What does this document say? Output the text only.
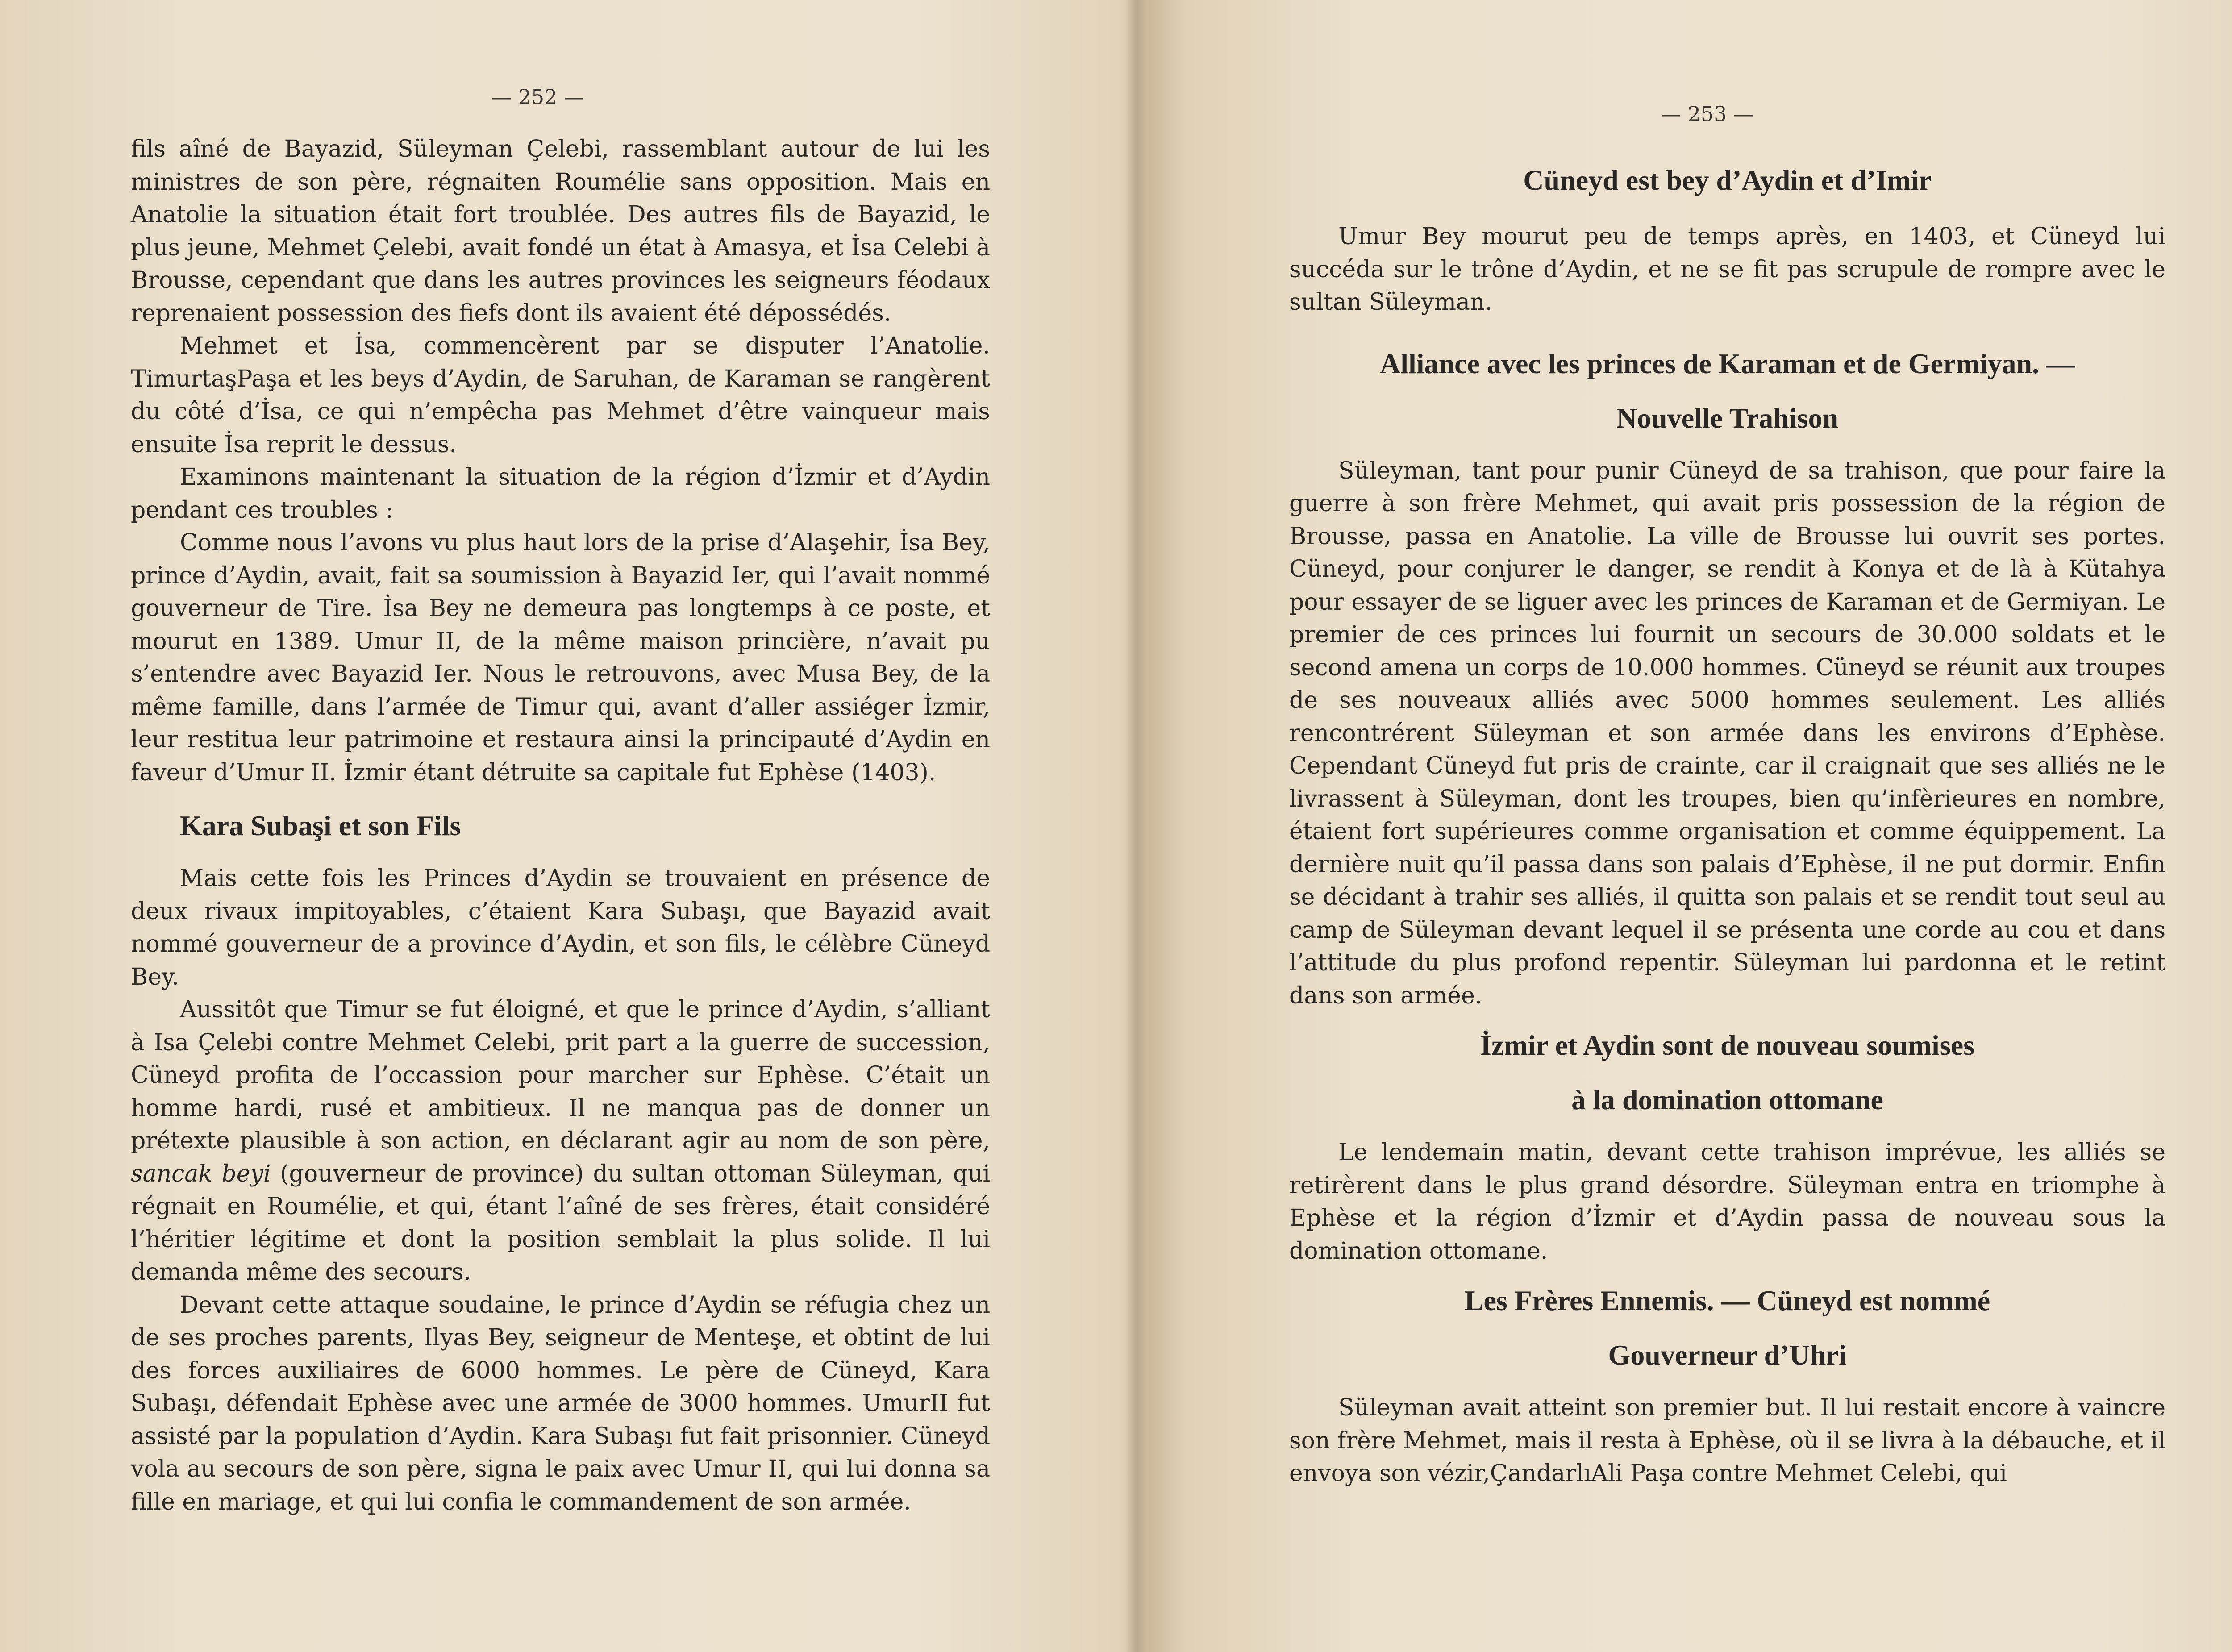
— 252 —

fils aîné de Bayazid, Süleyman Çelebi, rassemblant autour de lui les ministres de son père, régnaiten Roumélie sans opposition. Mais en Anatolie la situation était fort troublée. Des autres fils de Bayazid, le plus jeune, Mehmet Çelebi, avait fondé un état à Amasya, et İsa Celebi à Brousse, cependant que dans les autres provinces les seigneurs féodaux reprenaient possession des fiefs dont ils avaient été dépossédés.

Mehmet et İsa, commencèrent par se disputer l’Anatolie. TimurtaşPaşa et les beys d’Aydin, de Saruhan, de Karaman se rangèrent du côté d’İsa, ce qui n’empêcha pas Mehmet d’être vainqueur mais ensuite İsa reprit le dessus.

Examinons maintenant la situation de la région d’İzmir et d’Aydin pendant ces troubles :

Comme nous l’avons vu plus haut lors de la prise d’Alaşehir, İsa Bey, prince d’Aydin, avait, fait sa soumission à Bayazid Ier, qui l’avait nommé gouverneur de Tire. İsa Bey ne demeura pas longtemps à ce poste, et mourut en 1389. Umur II, de la même maison princière, n’avait pu s’entendre avec Bayazid Ier. Nous le retrouvons, avec Musa Bey, de la même famille, dans l’armée de Timur qui, avant d’aller assiéger İzmir, leur restitua leur patrimoine et restaura ainsi la principauté d’Aydin en faveur d’Umur II. İzmir étant détruite sa capitale fut Ephèse (1403).

Kara Subaşi et son Fils

Mais cette fois les Princes d’Aydin se trouvaient en présence de deux rivaux impitoyables, c’étaient Kara Subaşı, que Bayazid avait nommé gouverneur de a province d’Aydin, et son fils, le célèbre Cüneyd Bey.

Aussitôt que Timur se fut éloigné, et que le prince d’Aydin, s’alliant à Isa Çelebi contre Mehmet Celebi, prit part a la guerre de succession, Cüneyd profita de l’occassion pour marcher sur Ephèse. C’était un homme hardi, rusé et ambitieux. Il ne manqua pas de donner un prétexte plausible à son action, en déclarant agir au nom de son père, sancak beyi (gouverneur de province) du sultan ottoman Süleyman, qui régnait en Roumélie, et qui, étant l’aîné de ses frères, était considéré l’héritier légitime et dont la position semblait la plus solide. Il lui demanda même des secours.

Devant cette attaque soudaine, le prince d’Aydin se réfugia chez un de ses proches parents, Ilyas Bey, seigneur de Menteşe, et obtint de lui des forces auxiliaires de 6000 hommes. Le père de Cüneyd, Kara Subaşı, défendait Ephèse avec une armée de 3000 hommes. UmurII fut assisté par la population d’Aydin. Kara Subaşı fut fait prisonnier. Cüneyd vola au secours de son père, signa le paix avec Umur II, qui lui donna sa fille en mariage, et qui lui confia le commandement de son armée.

— 253 —
Cüneyd est bey d’Aydin et d’Imir

Umur Bey mourut peu de temps après, en 1403, et Cüneyd lui succéda sur le trône d’Aydin, et ne se fit pas scrupule de rompre avec le sultan Süleyman.

Alliance avec les princes de Karaman et de Germiyan. —
Nouvelle Trahison

Süleyman, tant pour punir Cüneyd de sa trahison, que pour faire la guerre à son frère Mehmet, qui avait pris possession de la région de Brousse, passa en Anatolie. La ville de Brousse lui ouvrit ses portes. Cüneyd, pour conjurer le danger, se rendit à Konya et de là à Kütahya pour essayer de se liguer avec les princes de Karaman et de Germiyan. Le premier de ces princes lui fournit un secours de 30.000 soldats et le second amena un corps de 10.000 hommes. Cüneyd se réunit aux troupes de ses nouveaux alliés avec 5000 hommes seulement. Les alliés rencontrérent Süleyman et son armée dans les environs d’Ephèse. Cependant Cüneyd fut pris de crainte, car il craignait que ses alliés ne le livrassent à Süleyman, dont les troupes, bien qu’infèrieures en nombre, étaient fort supérieures comme organisation et comme équippement. La dernière nuit qu’il passa dans son palais d’Ephèse, il ne put dormir. Enfin se décidant à trahir ses alliés, il quitta son palais et se rendit tout seul au camp de Süleyman devant lequel il se présenta une corde au cou et dans l’attitude du plus profond repentir. Süleyman lui pardonna et le retint dans son armée.

İzmir et Aydin sont de nouveau soumises
à la domination ottomane

Le lendemain matin, devant cette trahison imprévue, les alliés se retirèrent dans le plus grand désordre. Süleyman entra en triomphe à Ephèse et la région d’İzmir et d’Aydin passa de nouveau sous la domination ottomane.

Les Frères Ennemis. — Cüneyd est nommé
Gouverneur d’Uhri

Süleyman avait atteint son premier but. Il lui restait encore à vaincre son frère Mehmet, mais il resta à Ephèse, où il se livra à la débauche, et il envoya son vézir,ÇandarlıAli Paşa contre Mehmet Celebi, qui
